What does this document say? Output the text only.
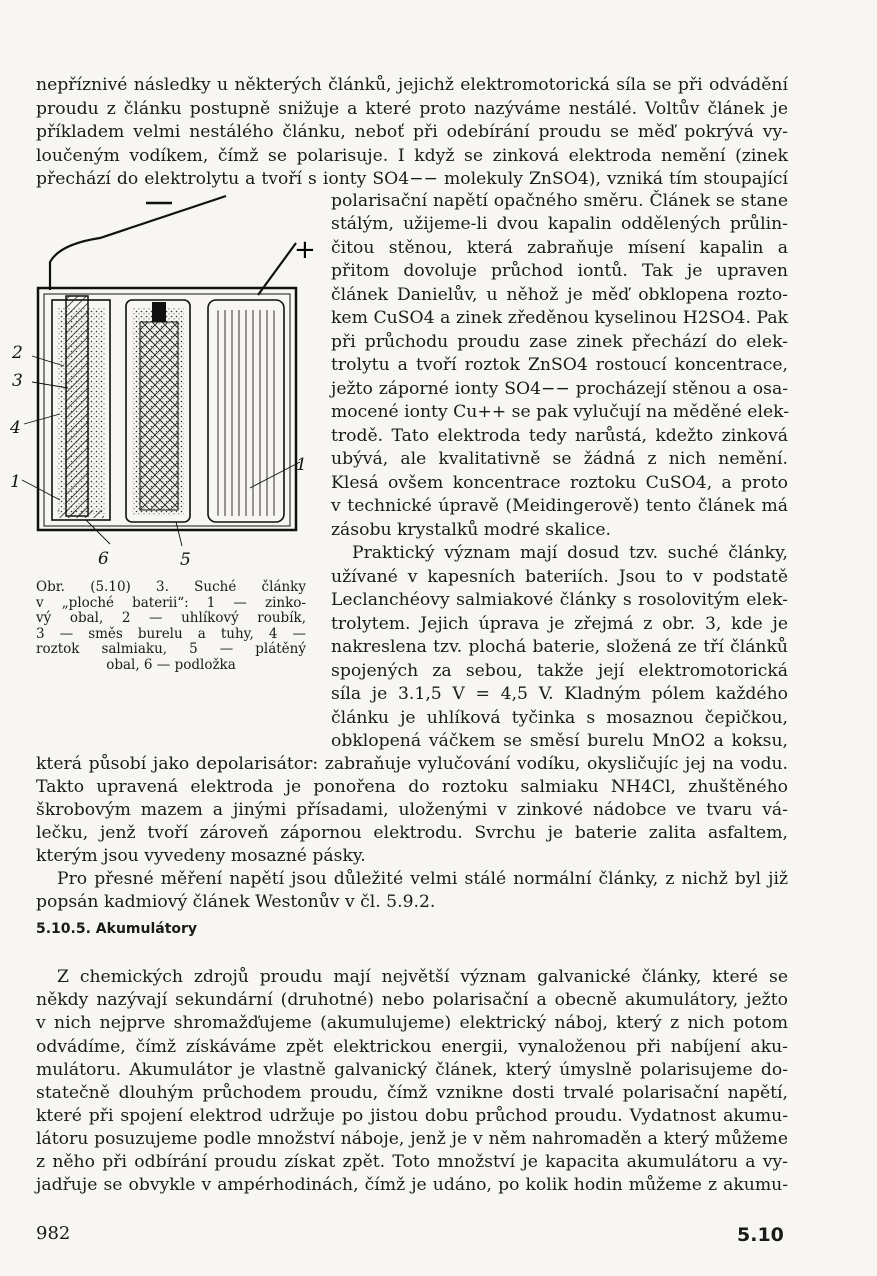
nepříznivé následky u některých článků, jejichž elektromotorická síla se při odvádění
proudu z článku postupně snižuje a které proto nazýváme nestálé. Voltův článek je
příkladem velmi nestálého článku, neboť při odebírání proudu se měď pokrývá vy-
loučeným vodíkem, čímž se polarisuje. I když se zinková elektroda nemění (zinek
přechází do elektrolytu a tvoří s ionty SO4−− molekuly ZnSO4), vzniká tím stoupající
+
2
3
4
1
1
6	5
Obr. (5.10) 3. Suché články
v „ploché baterii“: 1 — zinko-
vý obal, 2 — uhlíkový roubík,
3 — směs burelu a tuhy, 4 —
roztok salmiaku, 5 — plátěný
obal, 6 — podložka
polarisační napětí opačného směru. Článek se stane
stálým, užijeme-li dvou kapalin oddělených průlin-
čitou stěnou, která zabraňuje mísení kapalin a
přitom dovoluje průchod iontů. Tak je upraven
článek Danielův, u něhož je měď obklopena rozto-
kem CuSO4 a zinek zředěnou kyselinou H2SO4. Pak
při průchodu proudu zase zinek přechází do elek-
trolytu a tvoří roztok ZnSO4 rostoucí koncentrace,
ježto záporné ionty SO4−− procházejí stěnou a osa-
mocené ionty Cu++ se pak vylučují na měděné elek-
trodě. Tato elektroda tedy narůstá, kdežto zinková
ubývá, ale kvalitativně se žádná z nich nemění.
Klesá ovšem koncentrace roztoku CuSO4, a proto
v technické úpravě (Meidingerově) tento článek má
zásobu krystalků modré skalice.
Praktický význam mají dosud tzv. suché články,
užívané v kapesních bateriích. Jsou to v podstatě
Leclanchéovy salmiakové články s rosolovitým elek-
trolytem. Jejich úprava je zřejmá z obr. 3, kde je
nakreslena tzv. plochá baterie, složená ze tří článků
spojených za sebou, takže její elektromotorická
síla je 3.1,5 V = 4,5 V. Kladným pólem každého
článku je uhlíková tyčinka s mosaznou čepičkou,
obklopená váčkem se směsí burelu MnO2 a koksu,
která působí jako depolarisátor: zabraňuje vylučování vodíku, okysličujíc jej na vodu.
Takto upravená elektroda je ponořena do roztoku salmiaku NH4Cl, zhuštěného
škrobovým mazem a jinými přísadami, uloženými v zinkové nádobce ve tvaru vá-
lečku, jenž tvoří zároveň zápornou elektrodu. Svrchu je baterie zalita asfaltem,
kterým jsou vyvedeny mosazné pásky.
Pro přesné měření napětí jsou důležité velmi stálé normální články, z nichž byl již
popsán kadmiový článek Westonův v čl. 5.9.2.
5.10.5. Akumulátory
Z chemických zdrojů proudu mají největší význam galvanické články, které se
někdy nazývají sekundární (druhotné) nebo polarisační a obecně akumulátory, ježto
v nich nejprve shromažďujeme (akumulujeme) elektrický náboj, který z nich potom
odvádíme, čímž získáváme zpět elektrickou energii, vynaloženou při nabíjení aku-
mulátoru. Akumulátor je vlastně galvanický článek, který úmyslně polarisujeme do-
statečně dlouhým průchodem proudu, čímž vznikne dosti trvalé polarisační napětí,
které při spojení elektrod udržuje po jistou dobu průchod proudu. Vydatnost akumu-
látoru posuzujeme podle množství náboje, jenž je v něm nahromaděn a který můžeme
z něho při odbírání proudu získat zpět. Toto množství je kapacita akumulátoru a vy-
jadřuje se obvykle v ampérhodinách, čímž je udáno, po kolik hodin můžeme z akumu-
982	5.10
